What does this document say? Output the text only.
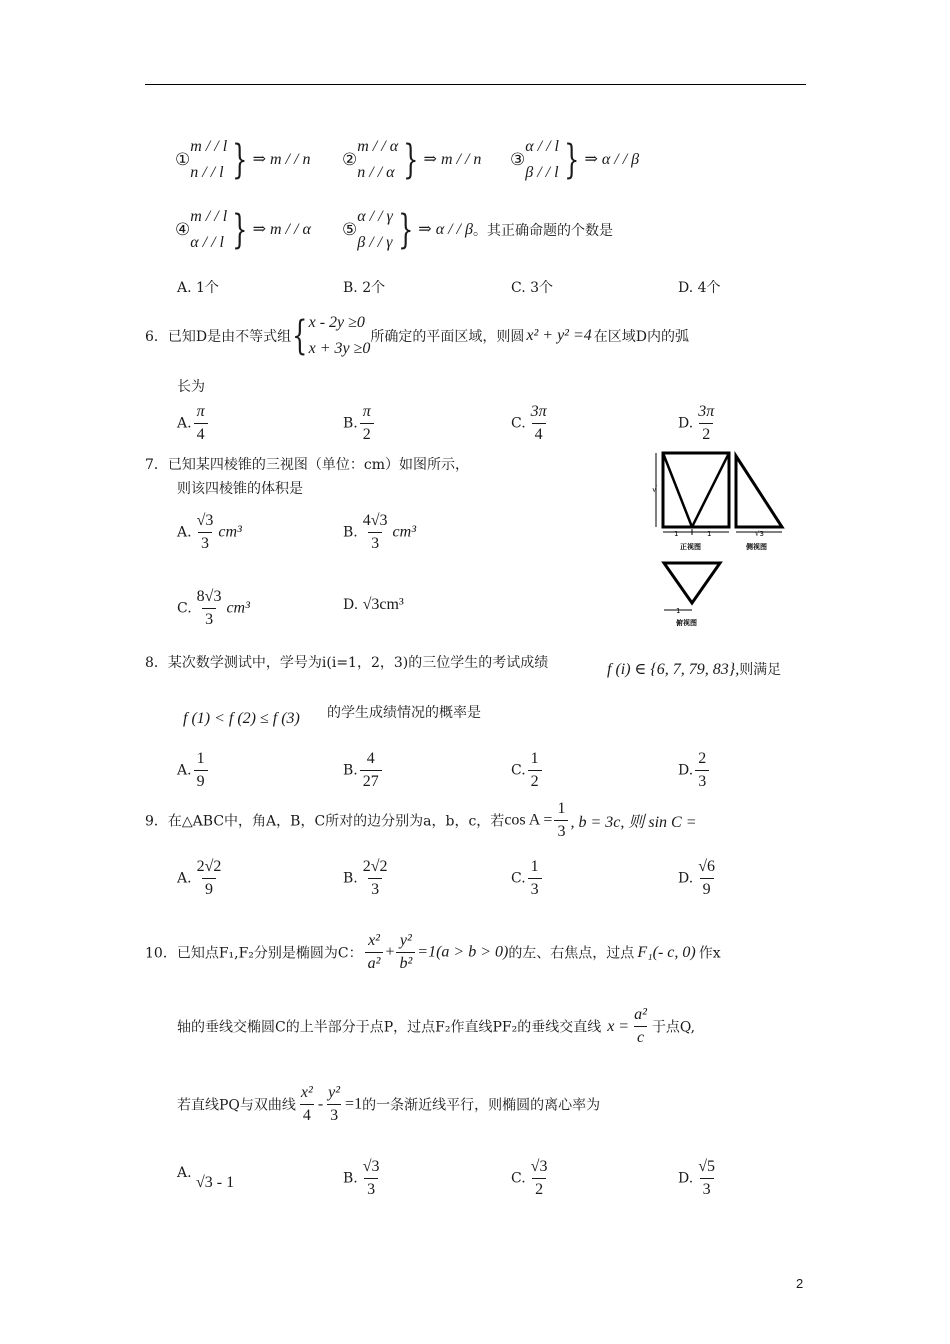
①
m / / l
n / / l } ⇒ m / / n ②
m / / α
n / / α } ⇒ m / / n ③
α / / l
β / / l } ⇒ α / / β
④
m / / l
α / / l } ⇒ m / / α ⑤
α / / γ
β / / γ } ⇒ α / / β。其正确命题的个数是
A. 1个	B. 2个	C. 3个	D. 4个
6．已知D是由不等式组{ x - 2y ≥0
x + 3y ≥0
所确定的平面区域，则圆 x² + y² =4 在区域D内的弧
长为
A. $\frac{\pi}{4}$	B. $\frac{\pi}{2}$	C. $\frac{3\pi}{4}$	D. $\frac{3\pi}{2}$
7．已知某四棱锥的三视图（单位：cm）如图所示，
则该四棱锥的体积是
A. $\frac{√3}{3} cm^3$	B. $\frac{4√3}{3} cm^3$
C. $\frac{8√3}{3} cm^3$	D. √3cm³
√
1	1
正视图
√3
侧视图
1
俯视图
8．某次数学测试中，学号为i(i=1，2，3)的三位学生的考试成绩	f (i) ∈ {6, 7, 79, 83},则满足
f (1) < f (2) ≤ f (3) 的学生成绩情况的概率是
A. $\frac{1}{9}$	B. $\frac{4}{27}$	C. $\frac{1}{2}$	D. $\frac{2}{3}$
9．在△ABC中，角A，B，C所对的边分别为a，b，c，若$\cos A = \frac{1}{3}$ , b = 3c, 则 sin C =
A. $\frac{2√2}{9}$	B. $\frac{2√2}{3}$	C. $\frac{1}{3}$	D. $\frac{√6}{9}$
10．已知点F₁,F₂分别是椭圆为C： $\frac{\text{x²}}{\text{a²}} + \frac{\text{y²}}{\text{b²}} =1(a > b > 0)$的左、右焦点，过点 F₁(- c, 0) 作x
轴的垂线交椭圆C的上半部分于点P，过点F₂作直线PF₂的垂线交直线 $x = \frac{\text{a²}}{c}$ 于点Q,
若直线PQ与双曲线 $\frac{\text{x²}}{4} - \frac{\text{y²}}{3} =1$的一条渐近线平行，则椭圆的离心率为
A. √3 - 1	B. $\frac{√3}{3}$	C. $\frac{√3}{2}$	D. $\frac{√5}{3}$
2
